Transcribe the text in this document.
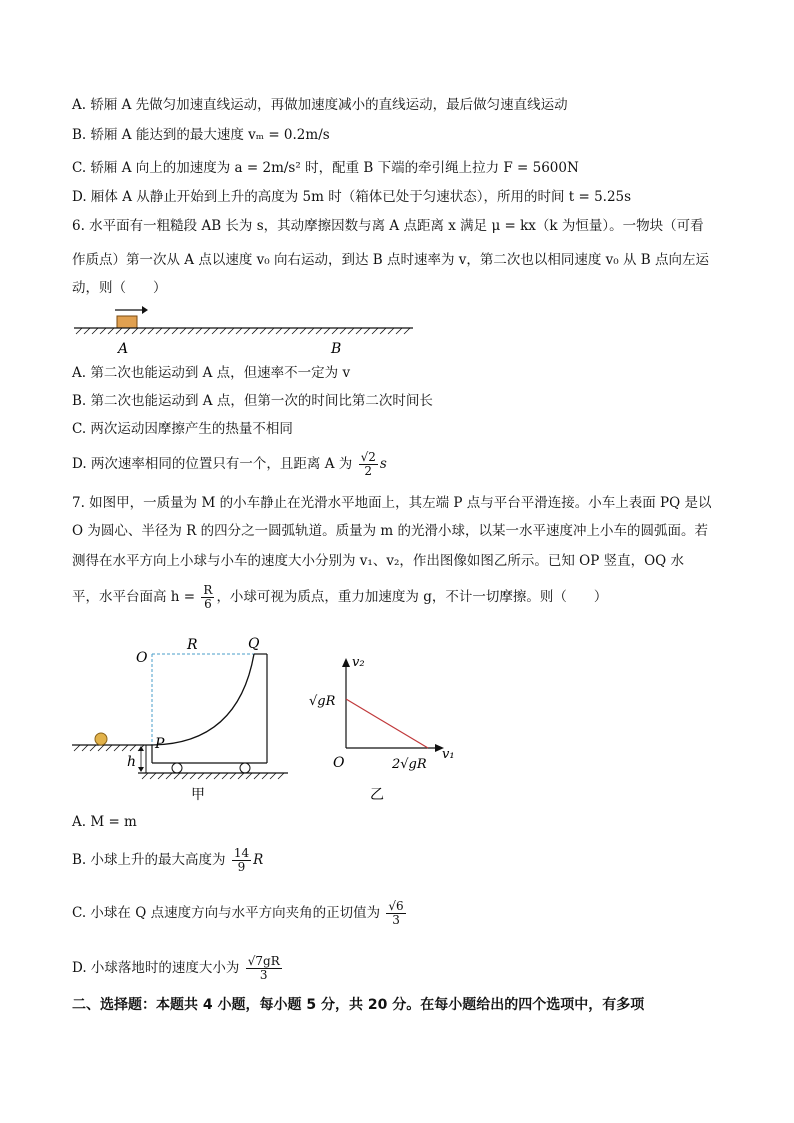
A. 轿厢 A 先做匀加速直线运动，再做加速度减小的直线运动，最后做匀速直线运动
B. 轿厢 A 能达到的最大速度 vₘ = 0.2m/s
C. 轿厢 A 向上的加速度为 a = 2m/s² 时，配重 B 下端的牵引绳上拉力 F = 5600N
D. 厢体 A 从静止开始到上升的高度为 5m 时（箱体已处于匀速状态），所用的时间 t = 5.25s
6. 水平面有一粗糙段 AB 长为 s，其动摩擦因数与离 A 点距离 x 满足 μ = kx（k 为恒量）。一物块（可看
作质点）第一次从 A 点以速度 v₀ 向右运动，到达 B 点时速率为 v，第二次也以相同速度 v₀ 从 B 点向左运
动，则（　　）
A	B
A. 第二次也能运动到 A 点，但速率不一定为 v
B. 第二次也能运动到 A 点，但第一次的时间比第二次时间长
C. 两次运动因摩擦产生的热量不相同
D. 两次速率相同的位置只有一个，且距离 A 为 $\frac{√2}{2}$ s
7. 如图甲，一质量为 M 的小车静止在光滑水平地面上，其左端 P 点与平台平滑连接。小车上表面 PQ 是以
O 为圆心、半径为 R 的四分之一圆弧轨道。质量为 m 的光滑小球，以某一水平速度冲上小车的圆弧面。若
测得在水平方向上小球与小车的速度大小分别为 v₁、v₂，作出图像如图乙所示。已知 OP 竖直，OQ 水
平，水平台面高 $h = \frac{R}{6}$ ，小球可视为质点，重力加速度为 g，不计一切摩擦。则（　　）
O
R	Q
P
h
甲
v₂
v₁
√gR
2√gR
O
乙
A. M = m
B. 小球上升的最大高度为 $\frac{14}{9}$ R
C. 小球在 Q 点速度方向与水平方向夹角的正切值为 $\frac{√6}{3}$
D. 小球落地时的速度大小为 $\frac{√7gR}{3}$
二、选择题：本题共 4 小题，每小题 5 分，共 20 分。在每小题给出的四个选项中，有多项
